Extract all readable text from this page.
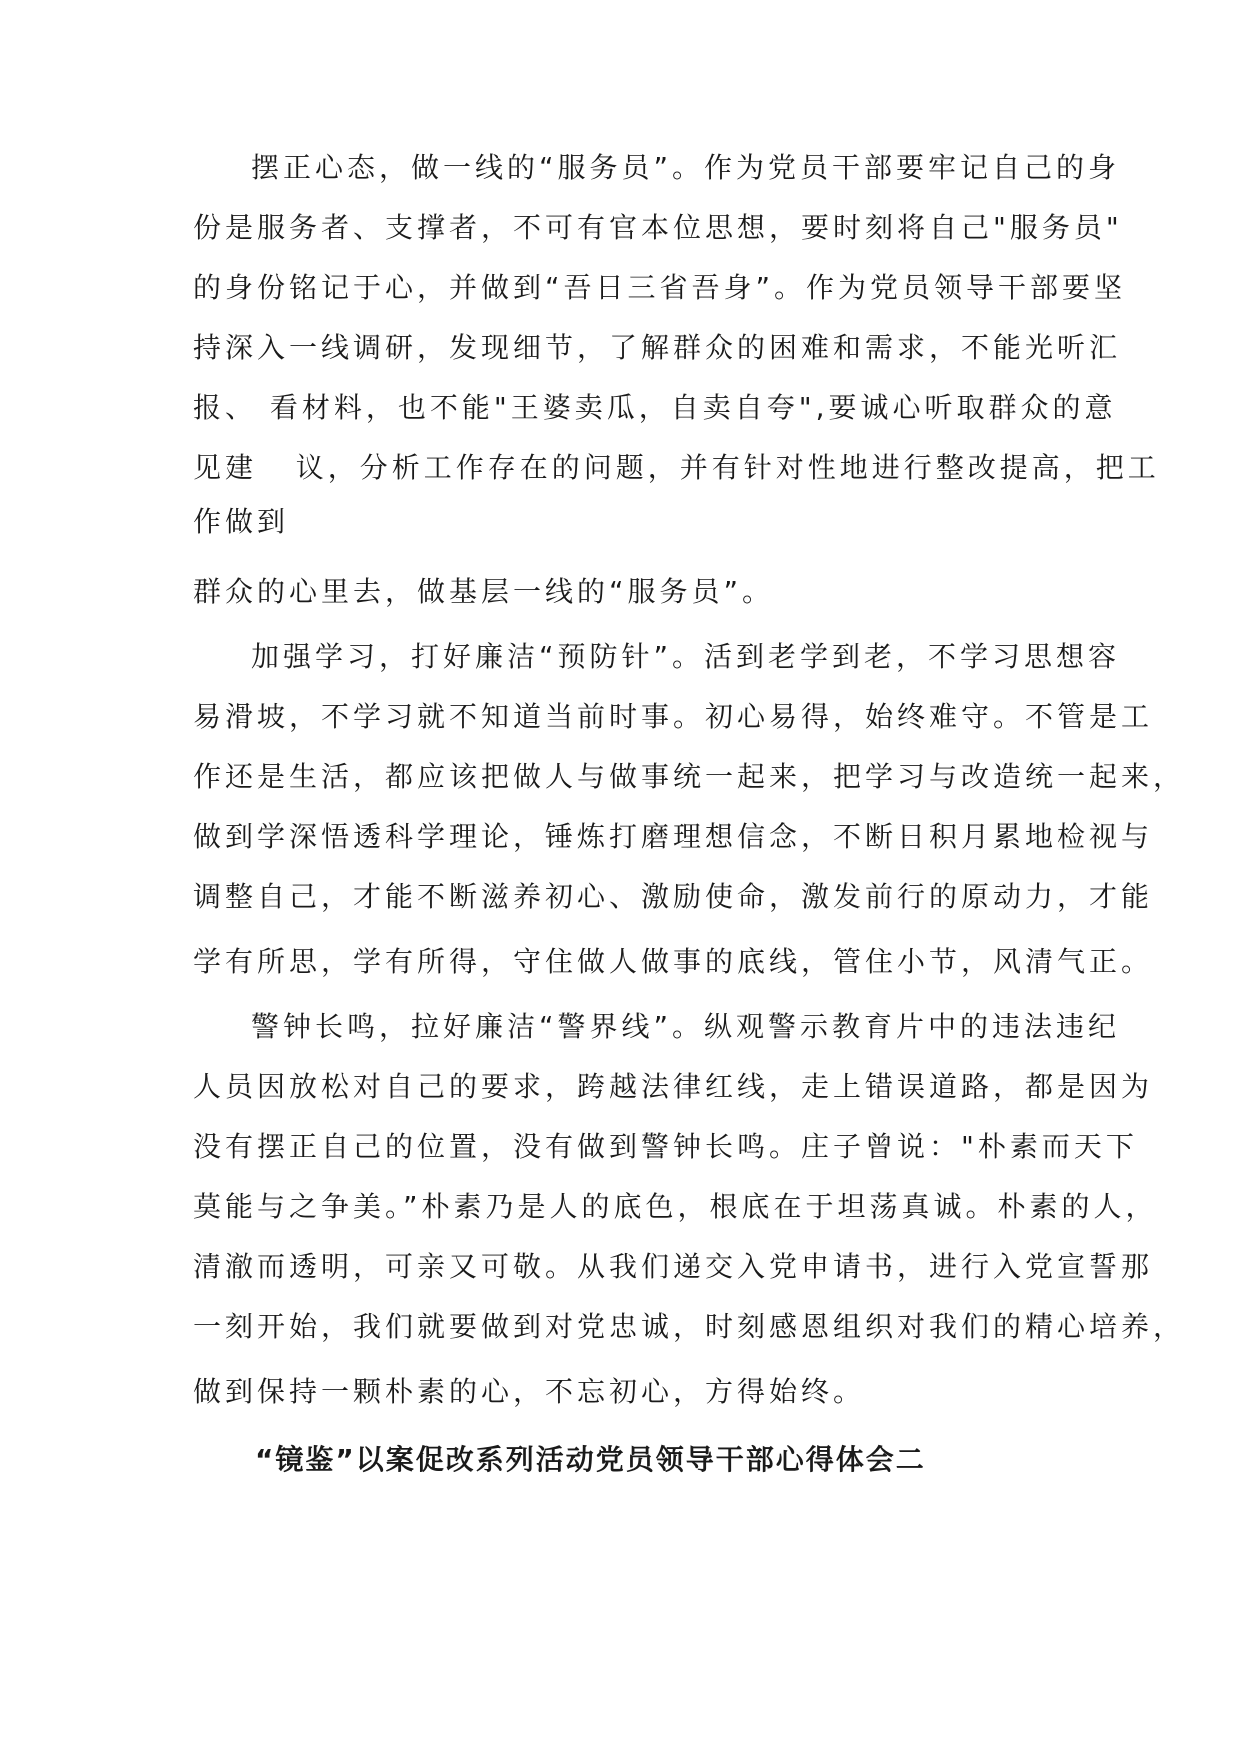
摆正心态，做一线的“服务员”。作为党员干部要牢记自己的身
份是服务者、支撑者，不可有官本位思想，要时刻将自己"服务员"
的身份铭记于心，并做到“吾日三省吾身”。作为党员领导干部要坚
持深入一线调研，发现细节，了解群众的困难和需求，不能光听汇
报、 看材料，也不能"王婆卖瓜，自卖自夸",要诚心听取群众的意
见建   议，分析工作存在的问题，并有针对性地进行整改提高，把工
作做到
群众的心里去，做基层一线的“服务员”。
加强学习，打好廉洁“预防针”。活到老学到老，不学习思想容
易滑坡，不学习就不知道当前时事。初心易得，始终难守。不管是工
作还是生活，都应该把做人与做事统一起来，把学习与改造统一起来，
做到学深悟透科学理论，锤炼打磨理想信念，不断日积月累地检视与
调整自己，才能不断滋养初心、激励使命，激发前行的原动力，才能
学有所思，学有所得，守住做人做事的底线，管住小节，风清气正。
警钟长鸣，拉好廉洁“警界线”。纵观警示教育片中的违法违纪
人员因放松对自己的要求，跨越法律红线，走上错误道路，都是因为
没有摆正自己的位置，没有做到警钟长鸣。庄子曾说："朴素而天下
莫能与之争美。”朴素乃是人的底色，根底在于坦荡真诚。朴素的人，
清澈而透明，可亲又可敬。从我们递交入党申请书，进行入党宣誓那
一刻开始，我们就要做到对党忠诚，时刻感恩组织对我们的精心培养，
做到保持一颗朴素的心，不忘初心，方得始终。
“镜鉴”以案促改系列活动党员领导干部心得体会二
